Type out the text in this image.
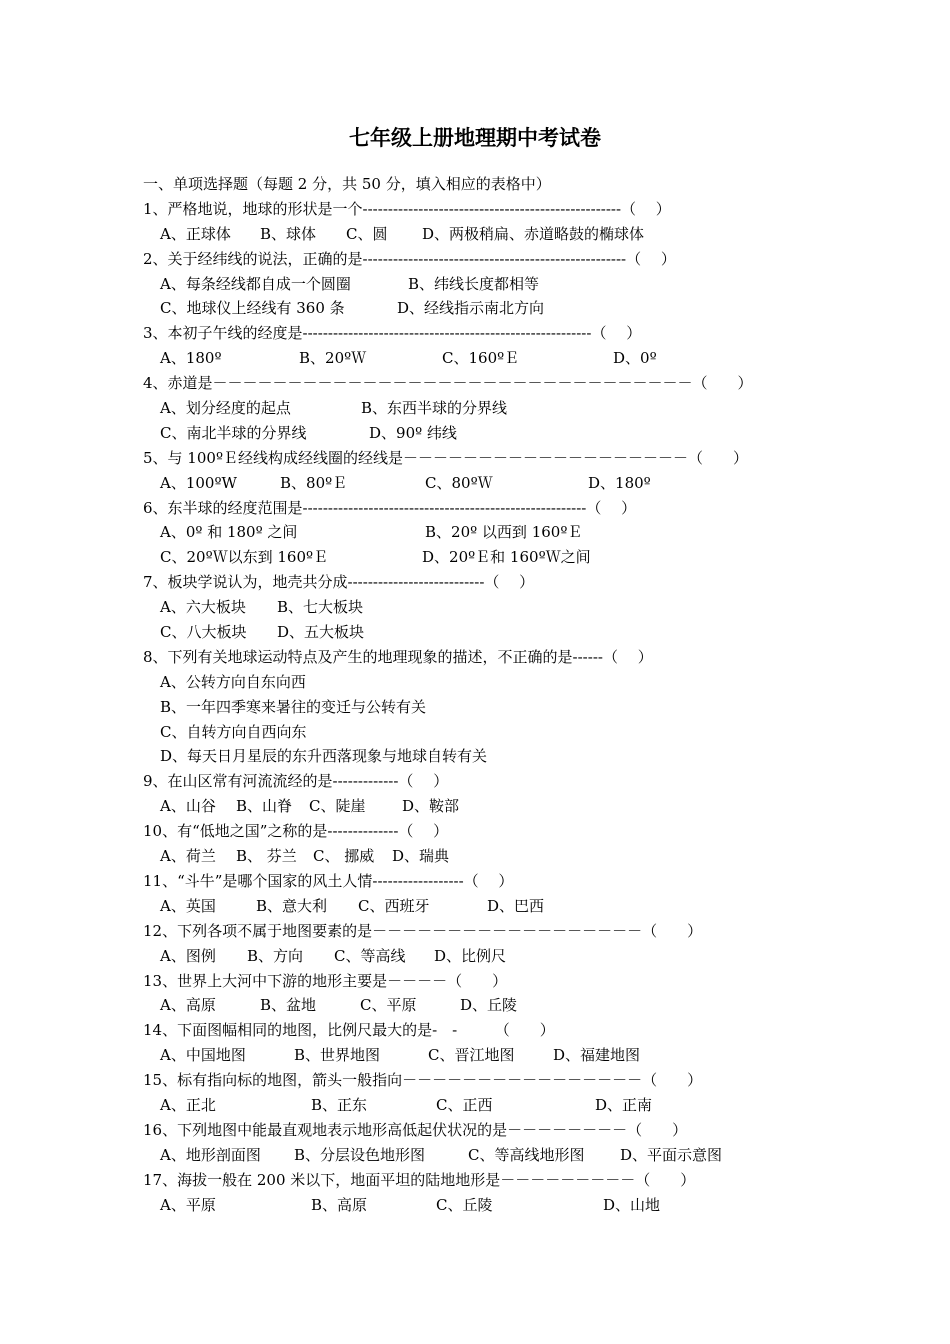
七年级上册地理期中考试卷
一、单项选择题（每题 2 分，共 50 分，填入相应的表格中）
1、严格地说，地球的形状是一个---------------------------------------------------（　 ）
A、正球体 B、球体 C、圆 D、两极稍扁、赤道略鼓的椭球体
2、关于经纬线的说法，正确的是----------------------------------------------------（　 ）
A、每条经线都自成一个圆圈	B、纬线长度都相等
C、地球仪上经线有 360 条	D、经线指示南北方向
3、本初子午线的经度是---------------------------------------------------------（　 ）
A、180º	B、20ºＷ	C、160ºＥ	D、0º
4、赤道是－－－－－－－－－－－－－－－－－－－－－－－－－－－－－－－－（　　）
A、划分经度的起点	B、东西半球的分界线
C、南北半球的分界线	D、90º 纬线
5、与 100ºＥ经线构成经线圈的经线是－－－－－－－－－－－－－－－－－－－（　　）
A、100ºW	B、80ºＥ	C、80ºＷ	D、180º
6、东半球的经度范围是--------------------------------------------------------（　 ）
A、0º 和 180º 之间	B、20º 以西到 160ºＥ
C、20ºＷ以东到 160ºＥ	D、20ºＥ和 160ºＷ之间
7、板块学说认为，地壳共分成---------------------------（　 ）
A、六大板块 B、七大板块
C、八大板块 D、五大板块
8、下列有关地球运动特点及产生的地理现象的描述，不正确的是------（　 ）
A、公转方向自东向西
B、一年四季寒来暑往的变迁与公转有关
C、自转方向自西向东
D、每天日月星辰的东升西落现象与地球自转有关
9、在山区常有河流流经的是-------------（　 ）
A、山谷 B、山脊 C、陡崖 D、鞍部
10、有“低地之国”之称的是--------------（　 ）
A、荷兰 B、 芬兰 C、 挪威 D、瑞典
11、“斗牛”是哪个国家的风土人情------------------（　 ）
A、英国	B、意大利 C、西班牙	D、巴西
12、下列各项不属于地图要素的是－－－－－－－－－－－－－－－－－－（　　）
A、图例 B、方向 C、等高线 D、比例尺
13、世界上大河中下游的地形主要是－－－－（　　）
A、高原	B、盆地	C、平原	D、丘陵
14、下面图幅相同的地图，比例尺最大的是-　-　　　（　　）
A、中国地图	B、世界地图	C、晋江地图	D、福建地图
15、标有指向标的地图，箭头一般指向－－－－－－－－－－－－－－－－（　　）
A、正北	B、正东	C、正西	D、正南
16、下列地图中能最直观地表示地形高低起伏状况的是－－－－－－－－（　　）
A、地形剖面图 B、分层设色地形图	C、等高线地形图 D、平面示意图
17、海拔一般在 200 米以下，地面平坦的陆地地形是－－－－－－－－－（　　）
A、平原	B、高原	C、丘陵	D、山地
